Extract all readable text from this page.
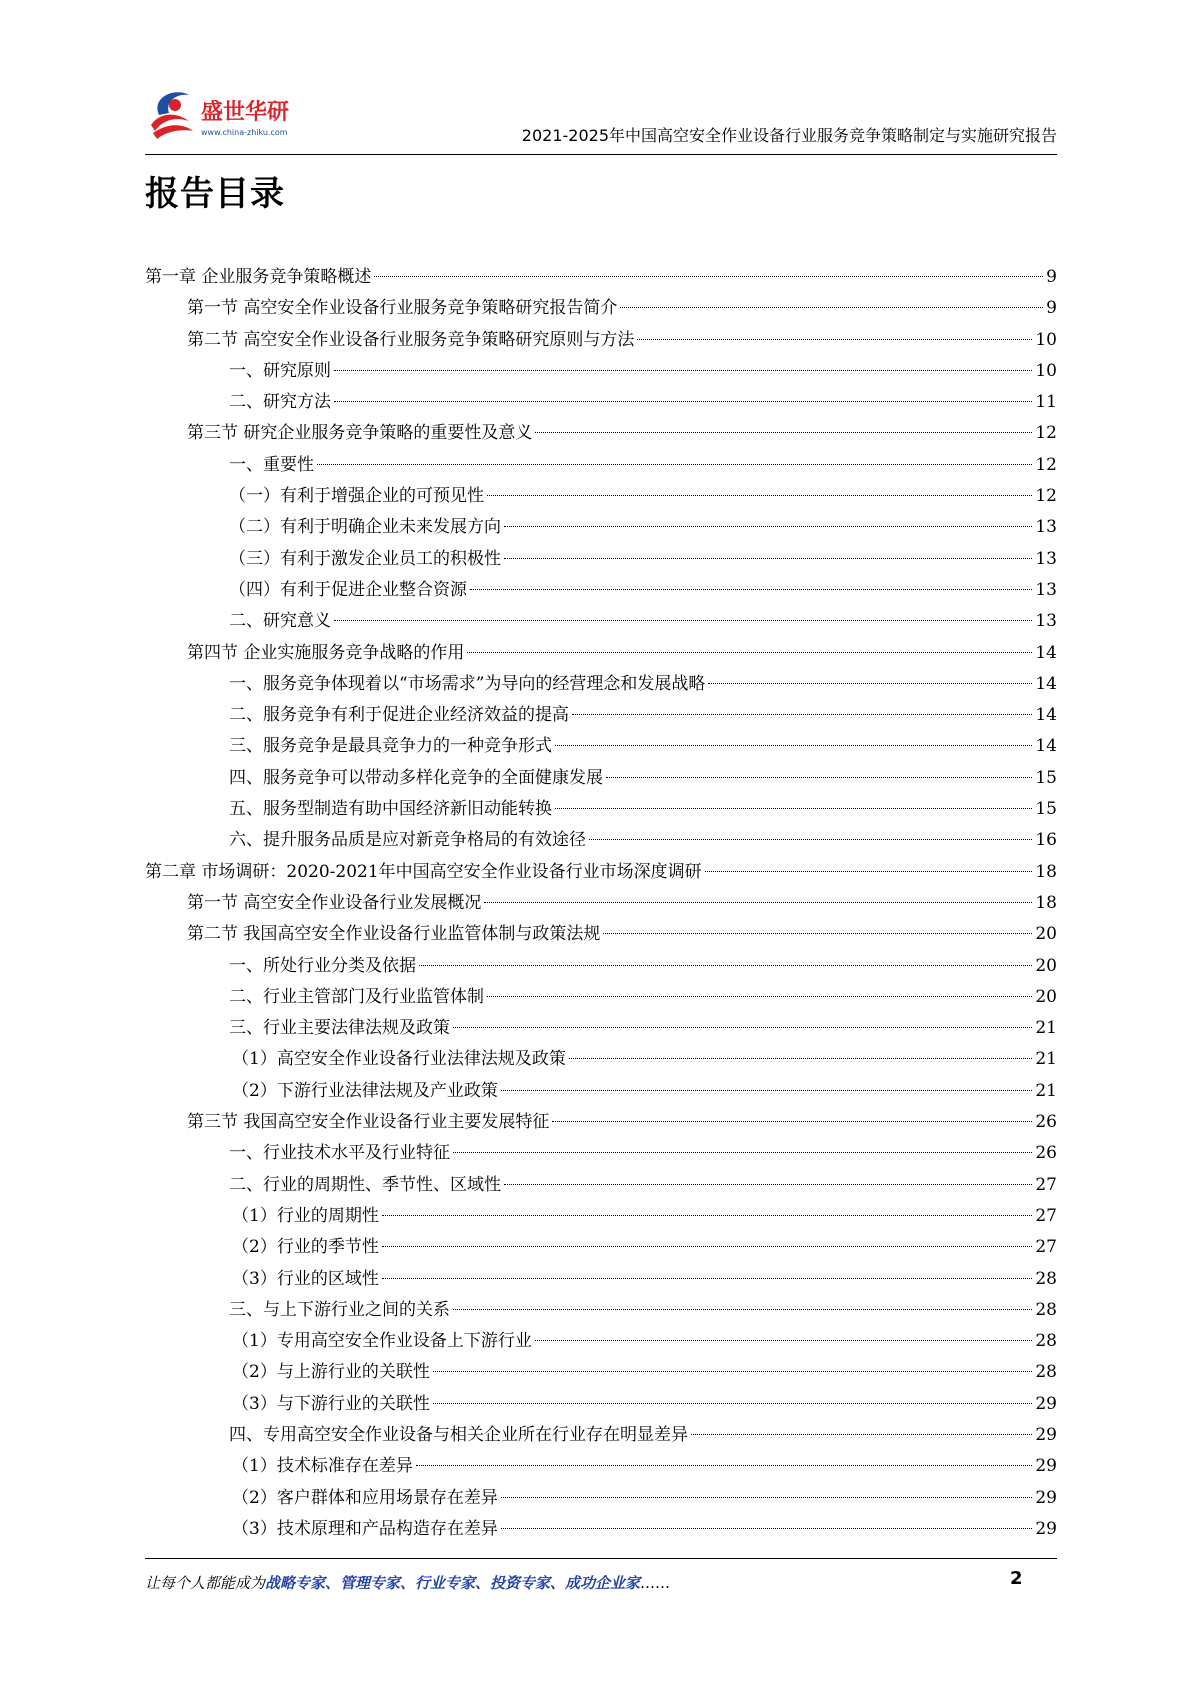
盛世华研
www.china-zhiku.com	2021-2025年中国高空安全作业设备行业服务竞争策略制定与实施研究报告
报告目录
第一章 企业服务竞争策略概述	9
第一节 高空安全作业设备行业服务竞争策略研究报告简介	9
第二节 高空安全作业设备行业服务竞争策略研究原则与方法	10
一、研究原则	10
二、研究方法	11
第三节 研究企业服务竞争策略的重要性及意义	12
一、重要性	12
（一）有利于增强企业的可预见性	12
（二）有利于明确企业未来发展方向	13
（三）有利于激发企业员工的积极性	13
（四）有利于促进企业整合资源	13
二、研究意义	13
第四节 企业实施服务竞争战略的作用	14
一、服务竞争体现着以“市场需求”为导向的经营理念和发展战略	14
二、服务竞争有利于促进企业经济效益的提高	14
三、服务竞争是最具竞争力的一种竞争形式	14
四、服务竞争可以带动多样化竞争的全面健康发展	15
五、服务型制造有助中国经济新旧动能转换	15
六、提升服务品质是应对新竞争格局的有效途径	16
第二章 市场调研：2020-2021年中国高空安全作业设备行业市场深度调研	18
第一节 高空安全作业设备行业发展概况	18
第二节 我国高空安全作业设备行业监管体制与政策法规	20
一、所处行业分类及依据	20
二、行业主管部门及行业监管体制	20
三、行业主要法律法规及政策	21
（1）高空安全作业设备行业法律法规及政策	21
（2）下游行业法律法规及产业政策	21
第三节 我国高空安全作业设备行业主要发展特征	26
一、行业技术水平及行业特征	26
二、行业的周期性、季节性、区域性	27
（1）行业的周期性	27
（2）行业的季节性	27
（3）行业的区域性	28
三、与上下游行业之间的关系	28
（1）专用高空安全作业设备上下游行业	28
（2）与上游行业的关联性	28
（3）与下游行业的关联性	29
四、专用高空安全作业设备与相关企业所在行业存在明显差异	29
（1）技术标准存在差异	29
（2）客户群体和应用场景存在差异	29
（3）技术原理和产品构造存在差异	29
让每个人都能成为战略专家、管理专家、行业专家、投资专家、成功企业家……	2
